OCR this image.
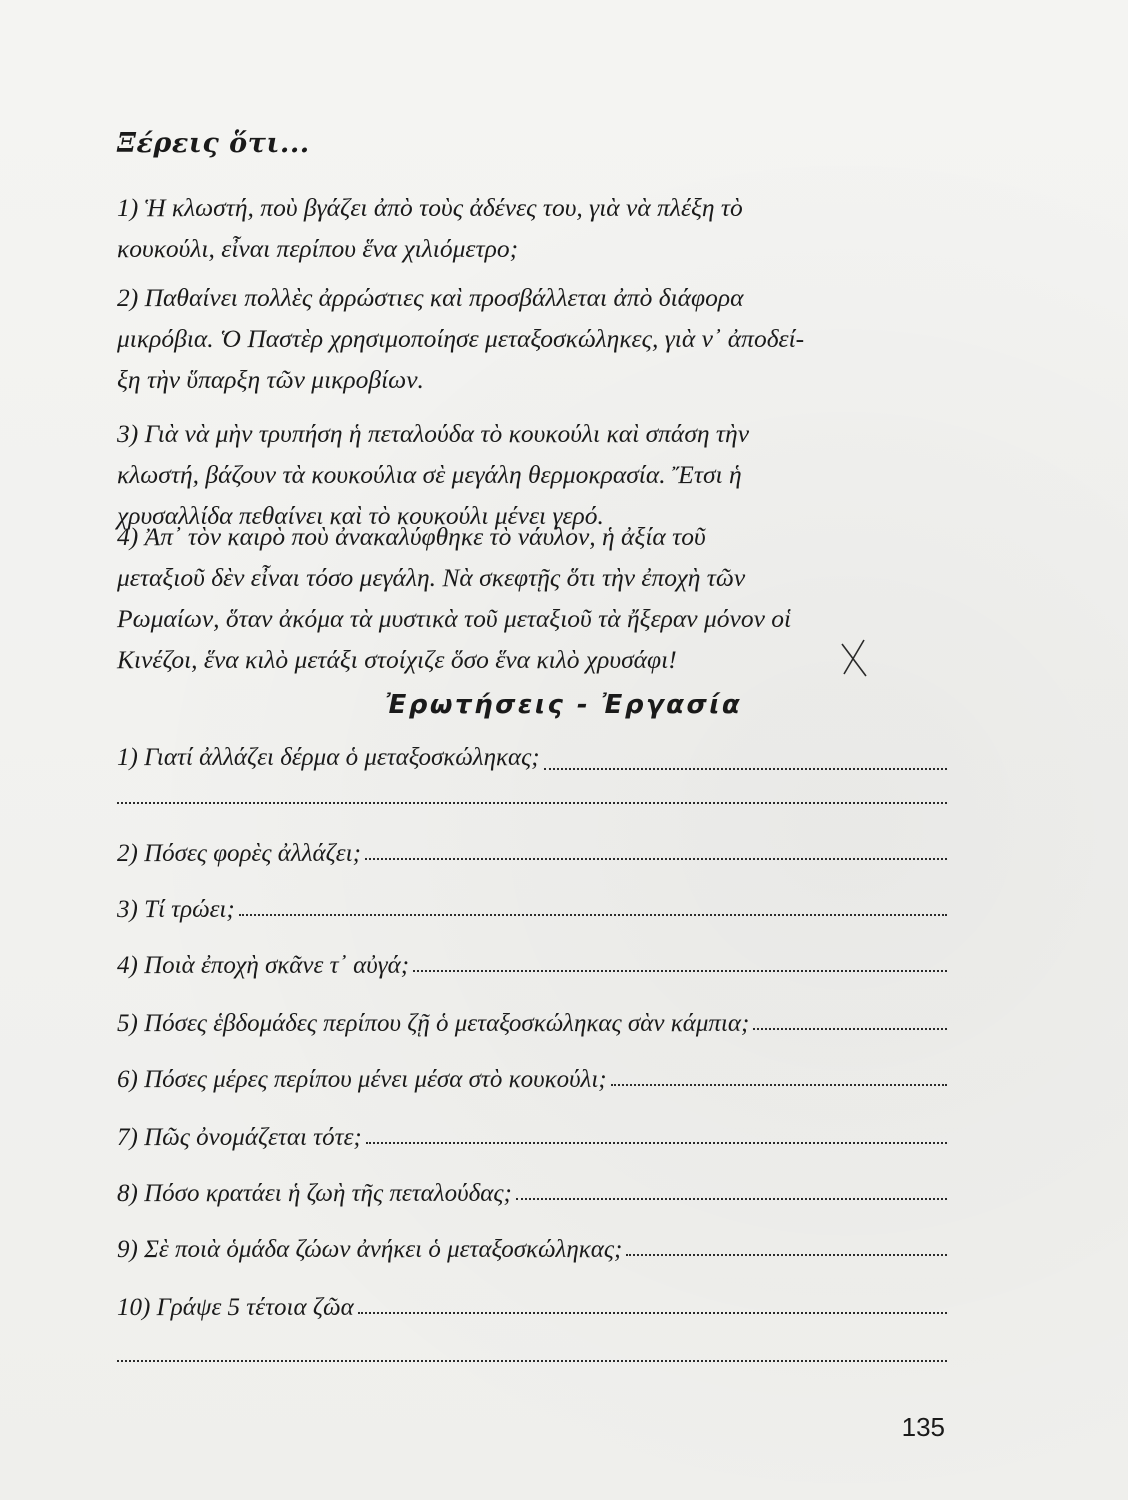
Ξέρεις ὅτι...
1) Ἡ κλωστή, ποὺ βγάζει ἀπὸ τοὺς ἀδένες του, γιὰ νὰ πλέξη τὸ
κουκούλι, εἶναι περίπου ἕνα χιλιόμετρο;
2) Παθαίνει πολλὲς ἀρρώστιες καὶ προσβάλλεται ἀπὸ διάφορα
μικρόβια. Ὁ Παστὲρ χρησιμοποίησε μεταξοσκώληκες, γιὰ ν᾿ ἀποδεί-
ξη τὴν ὕπαρξη τῶν μικροβίων.
3) Γιὰ νὰ μὴν τρυπήση ἡ πεταλούδα τὸ κουκούλι καὶ σπάση τὴν
κλωστή, βάζουν τὰ κουκούλια σὲ μεγάλη θερμοκρασία. Ἔτσι ἡ
χρυσαλλίδα πεθαίνει καὶ τὸ κουκούλι μένει γερό.
4) Ἀπ᾿ τὸν καιρὸ ποὺ ἀνακαλύφθηκε τὸ νάυλον, ἡ ἀξία τοῦ
μεταξιοῦ δὲν εἶναι τόσο μεγάλη. Νὰ σκεφτῇς ὅτι τὴν ἐποχὴ τῶν
Ρωμαίων, ὅταν ἀκόμα τὰ μυστικὰ τοῦ μεταξιοῦ τὰ ἤξεραν μόνον οἱ
Κινέζοι, ἕνα κιλὸ μετάξι στοίχιζε ὅσο ἕνα κιλὸ χρυσάφι!
Ἐρωτήσεις - Ἐργασία
1) Γιατί ἀλλάζει δέρμα ὁ μεταξοσκώληκας;
2) Πόσες φορὲς ἀλλάζει;
3) Τί τρώει;
4) Ποιὰ ἐποχὴ σκᾶνε τ᾿ αὐγά;
5) Πόσες ἑβδομάδες περίπου ζῇ ὁ μεταξοσκώληκας σὰν κάμπια;
6) Πόσες μέρες περίπου μένει μέσα στὸ κουκούλι;
7) Πῶς ὀνομάζεται τότε;
8) Πόσο κρατάει ἡ ζωὴ τῆς πεταλούδας;
9) Σὲ ποιὰ ὁμάδα ζώων ἀνήκει ὁ μεταξοσκώληκας;
10) Γράψε 5 τέτοια ζῶα
135
